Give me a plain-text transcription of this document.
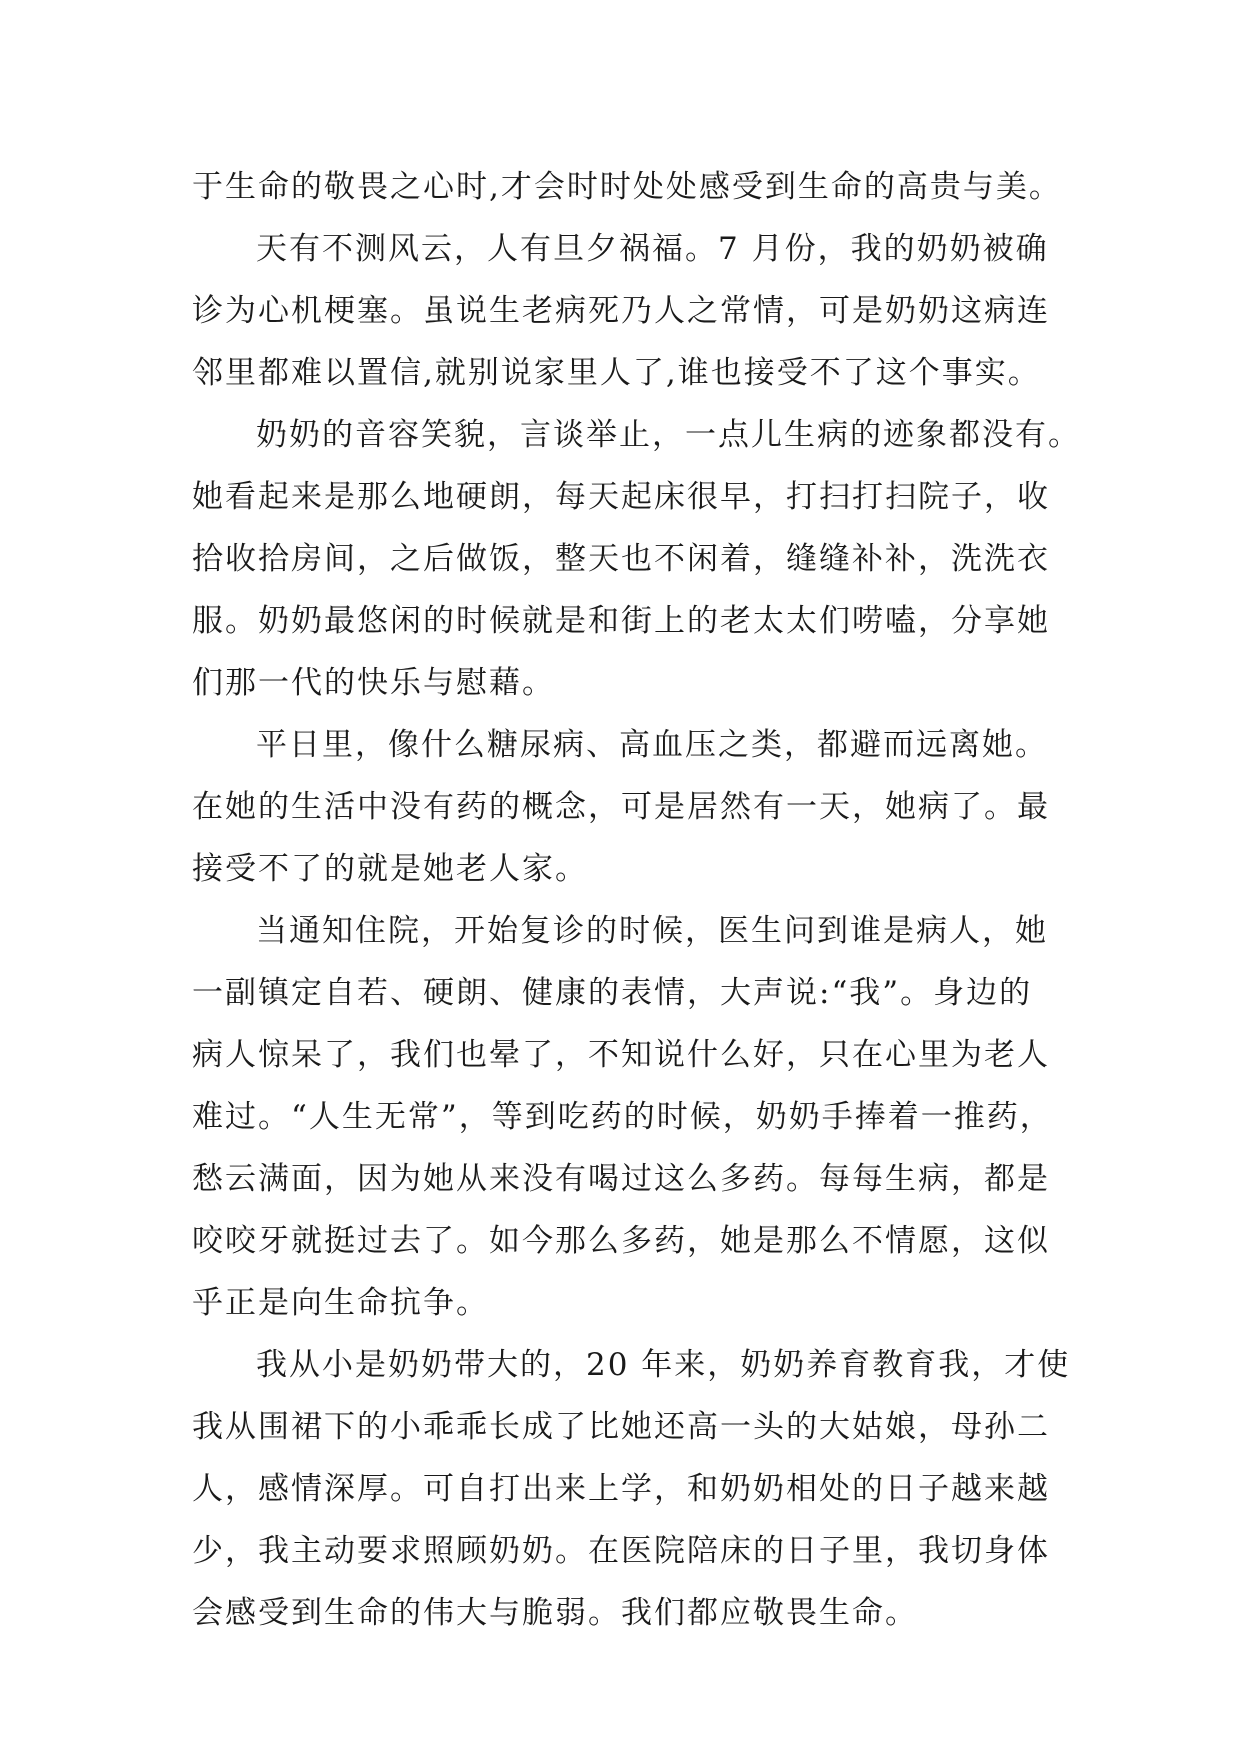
于生命的敬畏之心时,才会时时处处感受到生命的高贵与美。
天有不测风云，人有旦夕祸福。7 月份，我的奶奶被确
诊为心机梗塞。虽说生老病死乃人之常情，可是奶奶这病连
邻里都难以置信,就别说家里人了,谁也接受不了这个事实。
奶奶的音容笑貌，言谈举止，一点儿生病的迹象都没有。
她看起来是那么地硬朗，每天起床很早，打扫打扫院子，收
拾收拾房间，之后做饭，整天也不闲着，缝缝补补，洗洗衣
服。奶奶最悠闲的时候就是和街上的老太太们唠嗑，分享她
们那一代的快乐与慰藉。
平日里，像什么糖尿病、高血压之类，都避而远离她。
在她的生活中没有药的概念，可是居然有一天，她病了。最
接受不了的就是她老人家。
当通知住院，开始复诊的时候，医生问到谁是病人，她
一副镇定自若、硬朗、健康的表情，大声说:“我”。身边的
病人惊呆了，我们也晕了，不知说什么好，只在心里为老人
难过。“人生无常”，等到吃药的时候，奶奶手捧着一推药，
愁云满面，因为她从来没有喝过这么多药。每每生病，都是
咬咬牙就挺过去了。如今那么多药，她是那么不情愿，这似
乎正是向生命抗争。
我从小是奶奶带大的，20 年来，奶奶养育教育我，才使
我从围裙下的小乖乖长成了比她还高一头的大姑娘，母孙二
人，感情深厚。可自打出来上学，和奶奶相处的日子越来越
少，我主动要求照顾奶奶。在医院陪床的日子里，我切身体
会感受到生命的伟大与脆弱。我们都应敬畏生命。
